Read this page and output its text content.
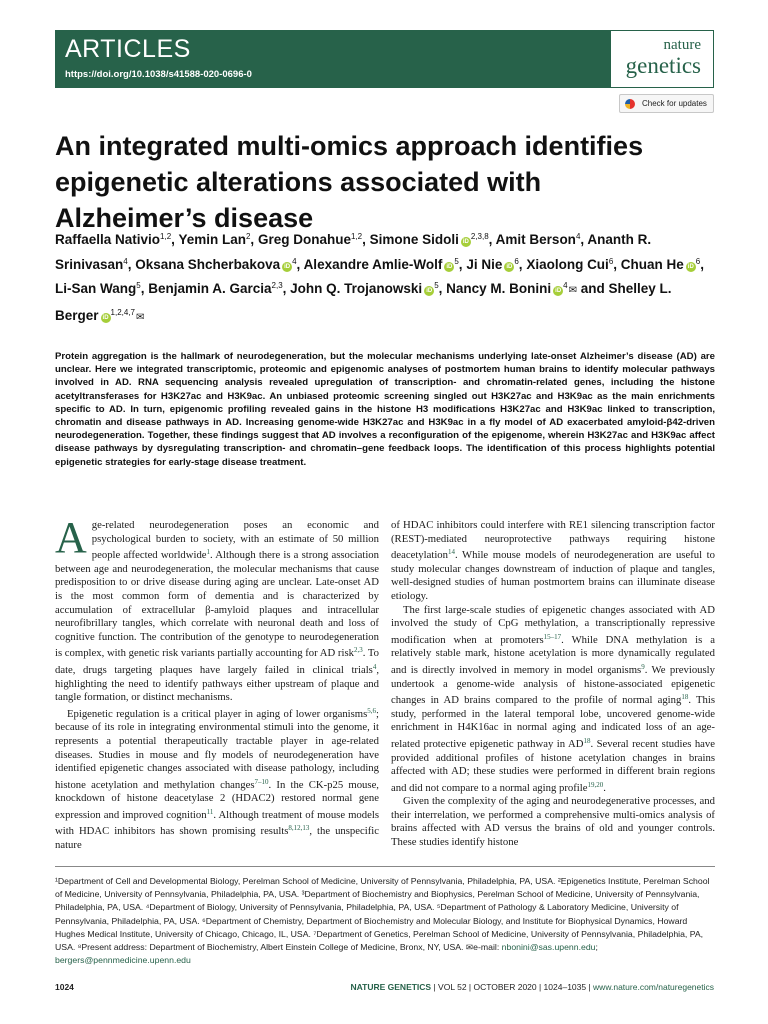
ARTICLES
https://doi.org/10.1038/s41588-020-0696-0
nature
genetics
Check for updates
An integrated multi-omics approach identifies epigenetic alterations associated with Alzheimer’s disease
Raffaella Nativio$^{1,2}$, Yemin Lan$^2$, Greg Donahue$^{1,2}$, Simone Sidoli iD$^{2,3,8}$, Amit Berson$^4$, Ananth R. Srinivasan$^4$, Oksana Shcherbakova $iD^4$, Alexandre Amlie-Wolf $iD^5$, Ji Nie $iD^6$, Xiaolong Cui$^6$, Chuan He $iD^6$, Li-San Wang$^5$, Benjamin A. Garcia$^{2,3}$, John Q. Trojanowski $iD^5$, Nancy M. Bonini $iD^4✉$ and Shelley L. Berger iD$^{1,2,4,7}$✉
Protein aggregation is the hallmark of neurodegeneration, but the molecular mechanisms underlying late-onset Alzheimer’s disease (AD) are unclear. Here we integrated transcriptomic, proteomic and epigenomic analyses of postmortem human brains to identify molecular pathways involved in AD. RNA sequencing analysis revealed upregulation of transcription- and chromatin-related genes, including the histone acetyltransferases for H3K27ac and H3K9ac. An unbiased proteomic screening singled out H3K27ac and H3K9ac as the main enrichments specific to AD. In turn, epigenomic profiling revealed gains in the histone H3 modifications H3K27ac and H3K9ac linked to transcription, chromatin and disease pathways in AD. Increasing genome-wide H3K27ac and H3K9ac in a fly model of AD exacerbated amyloid-β42-driven neurodegeneration. Together, these findings suggest that AD involves a reconfiguration of the epigenome, wherein H3K27ac and H3K9ac affect disease pathways by dysregulating transcription- and chromatin–gene feedback loops. The identification of this process highlights potential epigenetic strategies for early-stage disease treatment.

Age-related neurodegeneration poses an economic and psychological burden to society, with an estimate of 50 million people affected worldwide$^1$. Although there is a strong association between age and neurodegeneration, the molecular mechanisms that cause predisposition to or drive disease during aging are unclear. Late-onset AD is the most common form of dementia and is characterized by accumulation of extracellular β-amyloid plaques and intracellular neurofibrillary tangles, which correlate with neuronal death and loss of cognitive function. The contribution of the genotype to neurodegeneration is complex, with genetic risk variants partially accounting for AD risk$^{2,3}$. To date, drugs targeting plaques have largely failed in clinical trials$^4$, highlighting the need to identify pathways either upstream of plaque and tangle formation, or distinct mechanisms.

Epigenetic regulation is a critical player in aging of lower organisms$^{5,6}$; because of its role in integrating environmental stimuli into the genome, it represents a potential therapeutically tractable player in age-related diseases. Studies in mouse and fly models of neurodegeneration have identified epigenetic changes associated with disease pathology, including histone acetylation and methylation changes$^{7-10}$. In the CK-p25 mouse, knockdown of histone deacetylase 2 (HDAC2) restored normal gene expression and improved cognition$^{11}$. Although treatment of mouse models with HDAC inhibitors has shown promising results$^{8,12,13}$, the unspecific nature

of HDAC inhibitors could interfere with RE1 silencing transcription factor (REST)-mediated neuroprotective pathways requiring histone deacetylation$^{14}$. While mouse models of neurodegeneration are useful to study molecular changes downstream of induction of plaque and tangles, well-designed studies of human postmortem brains can illuminate disease etiology.

The first large-scale studies of epigenetic changes associated with AD involved the study of CpG methylation, a transcriptionally repressive modification when at promoters$^{15-17}$. While DNA methylation is a relatively stable mark, histone acetylation is more dynamically regulated and is directly involved in memory in model organisms$^9$. We previously undertook a genome-wide analysis of histone-associated epigenetic changes in AD brains compared to the profile of normal aging$^{18}$. This study, performed in the lateral temporal lobe, uncovered genome-wide enrichment in H4K16ac in normal aging and indicated loss of an age-related protective epigenetic pathway in AD$^{18}$. Several recent studies have provided additional profiles of histone acetylation changes in brains affected with AD; these studies were performed in different brain regions and did not compare to a normal aging profile$^{19,20}$.

Given the complexity of the aging and neurodegenerative processes, and their interrelation, we performed a comprehensive multi-omics analysis of brains affected with AD versus the brains of old and younger controls. These studies identify histone

¹Department of Cell and Developmental Biology, Perelman School of Medicine, University of Pennsylvania, Philadelphia, PA, USA. ²Epigenetics Institute, Perelman School of Medicine, University of Pennsylvania, Philadelphia, PA, USA. ³Department of Biochemistry and Biophysics, Perelman School of Medicine, University of Pennsylvania, Philadelphia, PA, USA. ⁴Department of Biology, University of Pennsylvania, Philadelphia, PA, USA. ⁵Department of Pathology & Laboratory Medicine, University of Pennsylvania, Philadelphia, PA, USA. ⁶Department of Chemistry, Department of Biochemistry and Molecular Biology, and Institute for Biophysical Dynamics, Howard Hughes Medical Institute, University of Chicago, Chicago, IL, USA. ⁷Department of Genetics, Perelman School of Medicine, University of Pennsylvania, Philadelphia, PA, USA. ⁸Present address: Department of Biochemistry, Albert Einstein College of Medicine, Bronx, NY, USA. ✉e-mail: nbonini@sas.upenn.edu; bergers@pennmedicine.upenn.edu
1024	NATURE GENETICS | VOL 52 | OCTOBER 2020 | 1024–1035 | www.nature.com/naturegenetics
